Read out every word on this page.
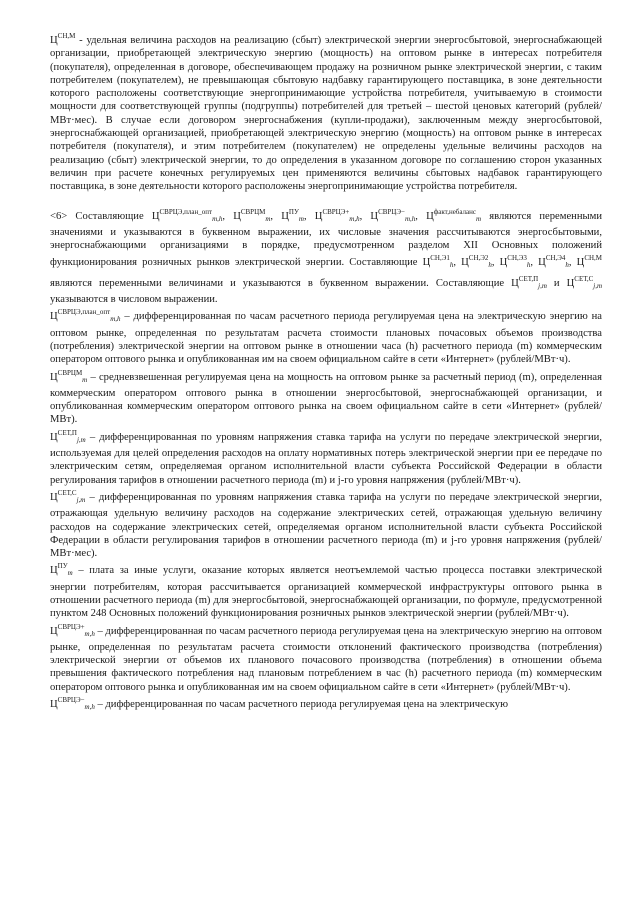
$Ц^{СН,М}$ - удельная величина расходов на реализацию (сбыт) электрической энергии энергосбытовой, энергоснабжающей организации, приобретающей электрическую энергию (мощность) на оптовом рынке в интересах потребителя (покупателя), определенная в договоре, обеспечивающем продажу на розничном рынке электрической энергии, с таким потребителем (покупателем), не превышающая сбытовую надбавку гарантирующего поставщика, в зоне деятельности которого расположены соответствующие энергопринимающие устройства потребителя, учитываемую в стоимости мощности для соответствующей группы (подгруппы) потребителей для третьей – шестой ценовых категорий (рублей/МВт·мес). В случае если договором энергоснабжения (купли-продажи), заключенным между энергосбытовой, энергоснабжающей организацией, приобретающей электрическую энергию (мощность) на оптовом рынке в интересах потребителя (покупателя), и этим потребителем (покупателем) не определены удельные величины расходов на реализацию (сбыт) электрической энергии, то до определения в указанном договоре по соглашению сторон указанных величин при расчете конечных регулируемых цен применяются величины сбытовых надбавок гарантирующего поставщика, в зоне деятельности которого расположены энергопринимающие устройства потребителя.

<6> Составляющие $Ц^{СВРЦЭ,план\_опт}_{m,h}$, $Ц^{СВРЦМ}_m$, $Ц^{ПУ}_m$, $Ц^{СВРЦЭ+}_{m,h}$, $Ц^{СВРЦЭ-}_{m,h}$, $Ц^{факт,небаланс}_m$ являются переменными значениями и указываются в буквенном выражении, их числовые значения рассчитываются энергосбытовыми, энергоснабжающими организациями в порядке, предусмотренном разделом XII Основных положений функционирования розничных рынков электрической энергии. Составляющие $Ц^{СН,Э1}_h$, $Ц^{СН,Э2}_h$, $Ц^{СН,Э3}_h$, $Ц^{СН,Э4}_h$, $Ц^{СН,М}$ являются переменными величинами и указываются в буквенном выражении. Составляющие $Ц^{СЕТ,П}_{j,m}$ и $Ц^{СЕТ,С}_{j,m}$ указываются в числовом выражении.

$Ц^{СВРЦЭ,план\_опт}_{m,h}$ – дифференцированная по часам расчетного периода регулируемая цена на электрическую энергию на оптовом рынке, определенная по результатам расчета стоимости плановых почасовых объемов производства (потребления) электрической энергии на оптовом рынке в отношении часа (h) расчетного периода (m) коммерческим оператором оптового рынка и опубликованная им на своем официальном сайте в сети «Интернет» (рублей/МВт·ч).

$Ц^{СВРЦМ}_m$ – средневзвешенная регулируемая цена на мощность на оптовом рынке за расчетный период (m), определенная коммерческим оператором оптового рынка в отношении энергосбытовой, энергоснабжающей организации, и опубликованная коммерческим оператором оптового рынка на своем официальном сайте в сети «Интернет» (рублей/МВт).

$Ц^{СЕТ,П}_{j,m}$ – дифференцированная по уровням напряжения ставка тарифа на услуги по передаче электрической энергии, используемая для целей определения расходов на оплату нормативных потерь электрической энергии при ее передаче по электрическим сетям, определяемая органом исполнительной власти субъекта Российской Федерации в области регулирования тарифов в отношении расчетного периода (m) и j-го уровня напряжения (рублей/МВт·ч).

$Ц^{СЕТ,С}_{j,m}$ – дифференцированная по уровням напряжения ставка тарифа на услуги по передаче электрической энергии, отражающая удельную величину расходов на содержание электрических сетей, отражающая удельную величину расходов на содержание электрических сетей, определяемая органом исполнительной власти субъекта Российской Федерации в области регулирования тарифов в отношении расчетного периода (m) и j-го уровня напряжения (рублей/МВт·мес).

$Ц^{ПУ}_m$ – плата за иные услуги, оказание которых является неотъемлемой частью процесса поставки электрической энергии потребителям, которая рассчитывается организацией коммерческой инфраструктуры оптового рынка в отношении расчетного периода (m) для энергосбытовой, энергоснабжающей организации, по формуле, предусмотренной пунктом 248 Основных положений функционирования розничных рынков электрической энергии (рублей/МВт·ч).

$Ц^{СВРЦЭ+}_{m,h}$ – дифференцированная по часам расчетного периода регулируемая цена на электрическую энергию на оптовом рынке, определенная по результатам расчета стоимости отклонений фактического производства (потребления) электрической энергии от объемов их планового почасового производства (потребления) в отношении объема превышения фактического потребления над плановым потреблением в час (h) расчетного периода (m) коммерческим оператором оптового рынка и опубликованная им на своем официальном сайте в сети «Интернет» (рублей/МВт·ч).

$Ц^{СВРЦЭ-}_{m,h}$ – дифференцированная по часам расчетного периода регулируемая цена на электрическую
